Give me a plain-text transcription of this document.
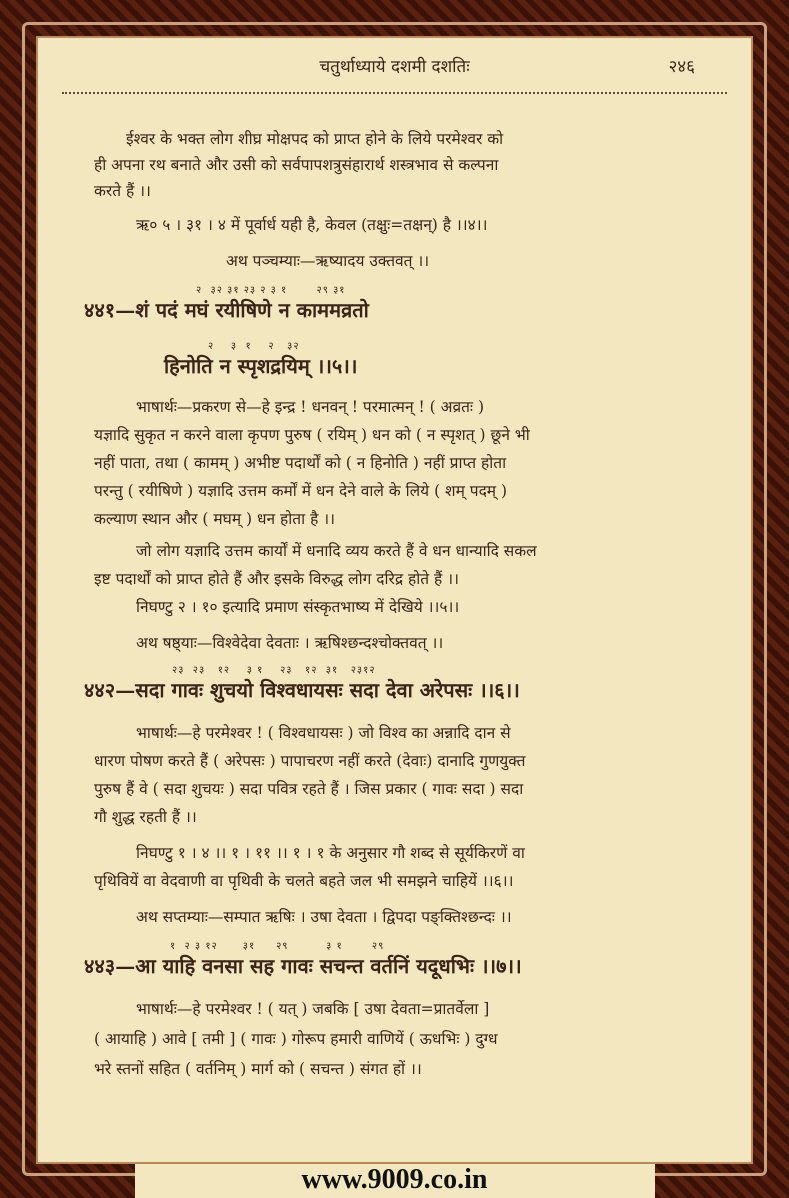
चतुर्थाध्याये दशमी दशतिः	२४६
ईश्वर के भक्त लोग शीघ्र मोक्षपद को प्राप्त होने के लिये परमेश्वर को
ही अपना रथ बनाते और उसी को सर्वपापशत्रुसंहारार्थ शस्त्रभाव से कल्पना
करते हैं ।।
ऋ० ५ । ३१ । ४ में पूर्वार्ध यही है, केवल (तक्षुः=तक्षन्) है ।।४।।
अथ पञ्चम्याः—ऋष्यादय उक्तवत् ।।
२  ३२ ३१ २३ २ ३ १       २९ ३१
४४१—शं पदं मघं रयीषिणे न काममव्रतो
२    ३  १    २   ३२
हिनोति न स्पृशद्रयिम् ।।५।।
भाषार्थः—प्रकरण से—हे इन्द्र ! धनवन् ! परमात्मन् ! ( अव्रतः )
यज्ञादि सुकृत न करने वाला कृपण पुरुष ( रयिम् ) धन को ( न स्पृशत् ) छूने भी
नहीं पाता, तथा ( कामम् ) अभीष्ट पदार्थों को ( न हिनोति ) नहीं प्राप्त होता
परन्तु ( रयीषिणे ) यज्ञादि उत्तम कर्मों में धन देने वाले के लिये ( शम् पदम् )
कल्याण स्थान और ( मघम् ) धन होता है ।।
जो लोग यज्ञादि उत्तम कार्यों में धनादि व्यय करते हैं वे धन धान्यादि सकल
इष्ट पदार्थों को प्राप्त होते हैं और इसके विरुद्ध लोग दरिद्र होते हैं ।।
निघण्टु २ । १० इत्यादि प्रमाण संस्कृतभाष्य में देखिये ।।५।।
अथ षष्ठ्याः—विश्वेदेवा देवताः । ऋषिश्छन्दश्चोक्तवत् ।।
२३  २३   १२    ३ १    २३   १२  ३१   २३१२
४४२—सदा गावः शुचयो विश्वधायसः सदा देवा अरेपसः ।।६।।
भाषार्थः—हे परमेश्वर ! ( विश्वधायसः ) जो विश्व का अन्नादि दान से
धारण पोषण करते हैं ( अरेपसः ) पापाचरण नहीं करते (देवाः) दानादि गुणयुक्त
पुरुष हैं वे ( सदा शुचयः ) सदा पवित्र रहते हैं । जिस प्रकार ( गावः सदा ) सदा
गौ शुद्ध रहती हैं ।।
निघण्टु १ । ४ ।। १ । ११ ।। १ । १ के अनुसार गौ शब्द से सूर्यकिरणें वा
पृथिवियें वा वेदवाणी वा पृथिवी के चलते बहते जल भी समझने चाहियें ।।६।।
अथ सप्तम्याः—सम्पात ऋषिः । उषा देवता । द्विपदा पङ्क्तिश्छन्दः ।।
१  २ ३ १२      ३१     २९         ३ १       २९
४४३—आ याहि वनसा सह गावः सचन्त वर्तनिं यदूधभिः ।।७।।
भाषार्थः—हे परमेश्वर ! ( यत् ) जबकि [ उषा देवता=प्रातर्वेला ]
( आयाहि ) आवे [ तमी ] ( गावः ) गोरूप हमारी वाणियें ( ऊधभिः ) दुग्ध
भरे स्तनों सहित ( वर्तनिम् ) मार्ग को ( सचन्त ) संगत हों ।।
www.9009.co.in
